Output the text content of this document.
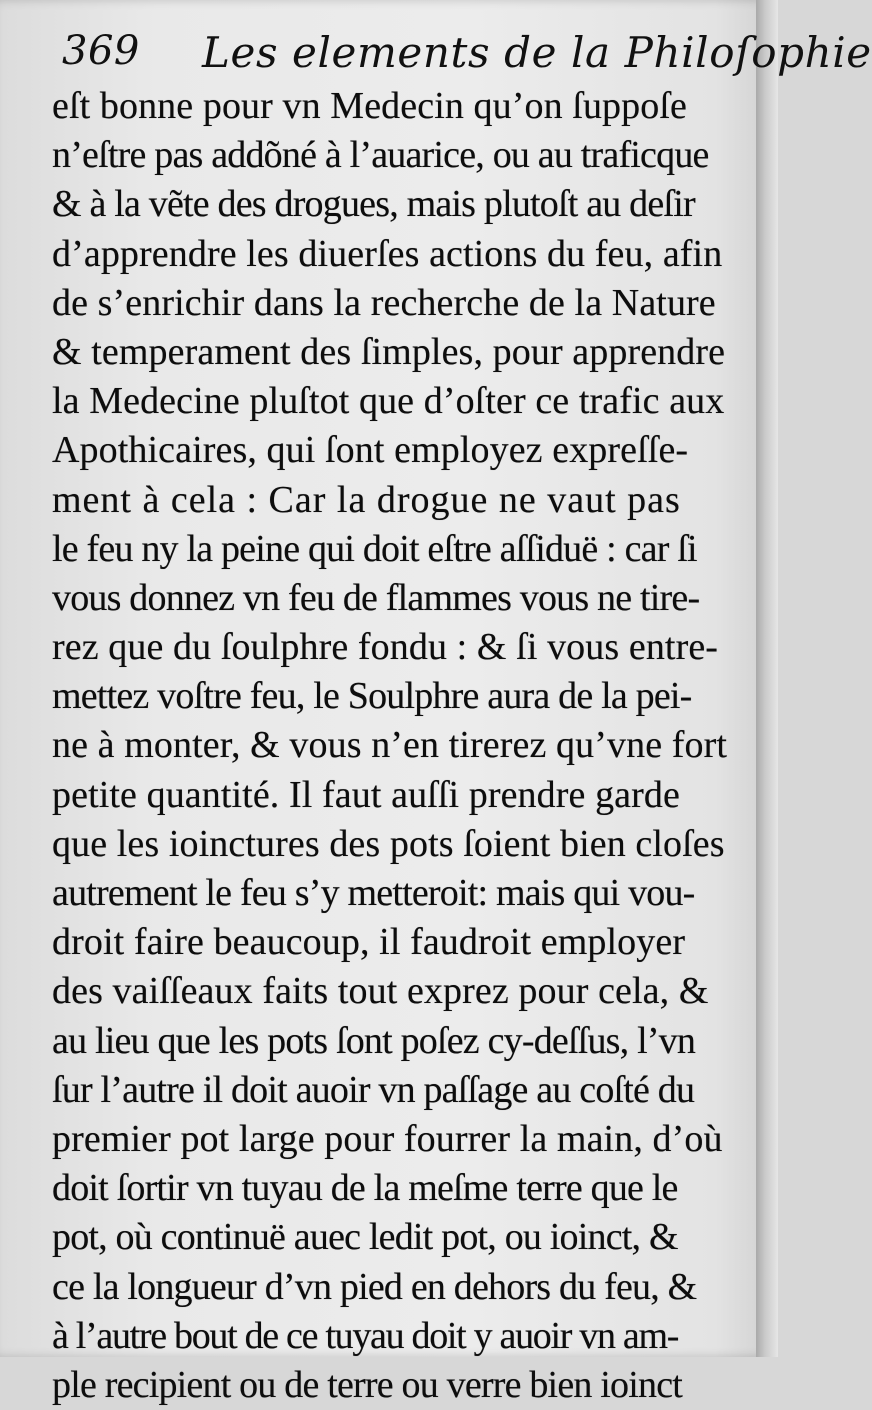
369 Les elements de la Philoſophie
eſt bonne pour vn Medecin qu’on ſuppoſe
n’eſtre pas addõné à l’auarice, ou au traficque
& à la vẽte des drogues, mais plutoſt au deſir
d’apprendre les diuerſes actions du feu, afin
de s’enrichir dans la recherche de la Nature
& temperament des ſimples, pour apprendre
la Medecine pluſtot que d’oſter ce trafic aux
Apothicaires, qui ſont employez expreſſe-
ment à cela : Car la drogue ne vaut pas
le feu ny la peine qui doit eſtre aſſiduë : car ſi
vous donnez vn feu de flammes vous ne tire-
rez que du ſoulphre fondu : & ſi vous entre-
mettez voſtre feu, le Soulphre aura de la pei-
ne à monter, & vous n’en tirerez qu’vne fort
petite quantité. Il faut auſſi prendre garde
que les ioinctures des pots ſoient bien cloſes
autrement le feu s’y metteroit: mais qui vou-
droit faire beaucoup, il faudroit employer
des vaiſſeaux faits tout exprez pour cela, &
au lieu que les pots ſont poſez cy-deſſus, l’vn
ſur l’autre il doit auoir vn paſſage au coſté du
premier pot large pour fourrer la main, d’où
doit ſortir vn tuyau de la meſme terre que le
pot, où continuë auec ledit pot, ou ioinct, &
ce la longueur d’vn pied en dehors du feu, &
à l’autre bout de ce tuyau doit y auoir vn am-
ple recipient ou de terre ou verre bien ioinct
